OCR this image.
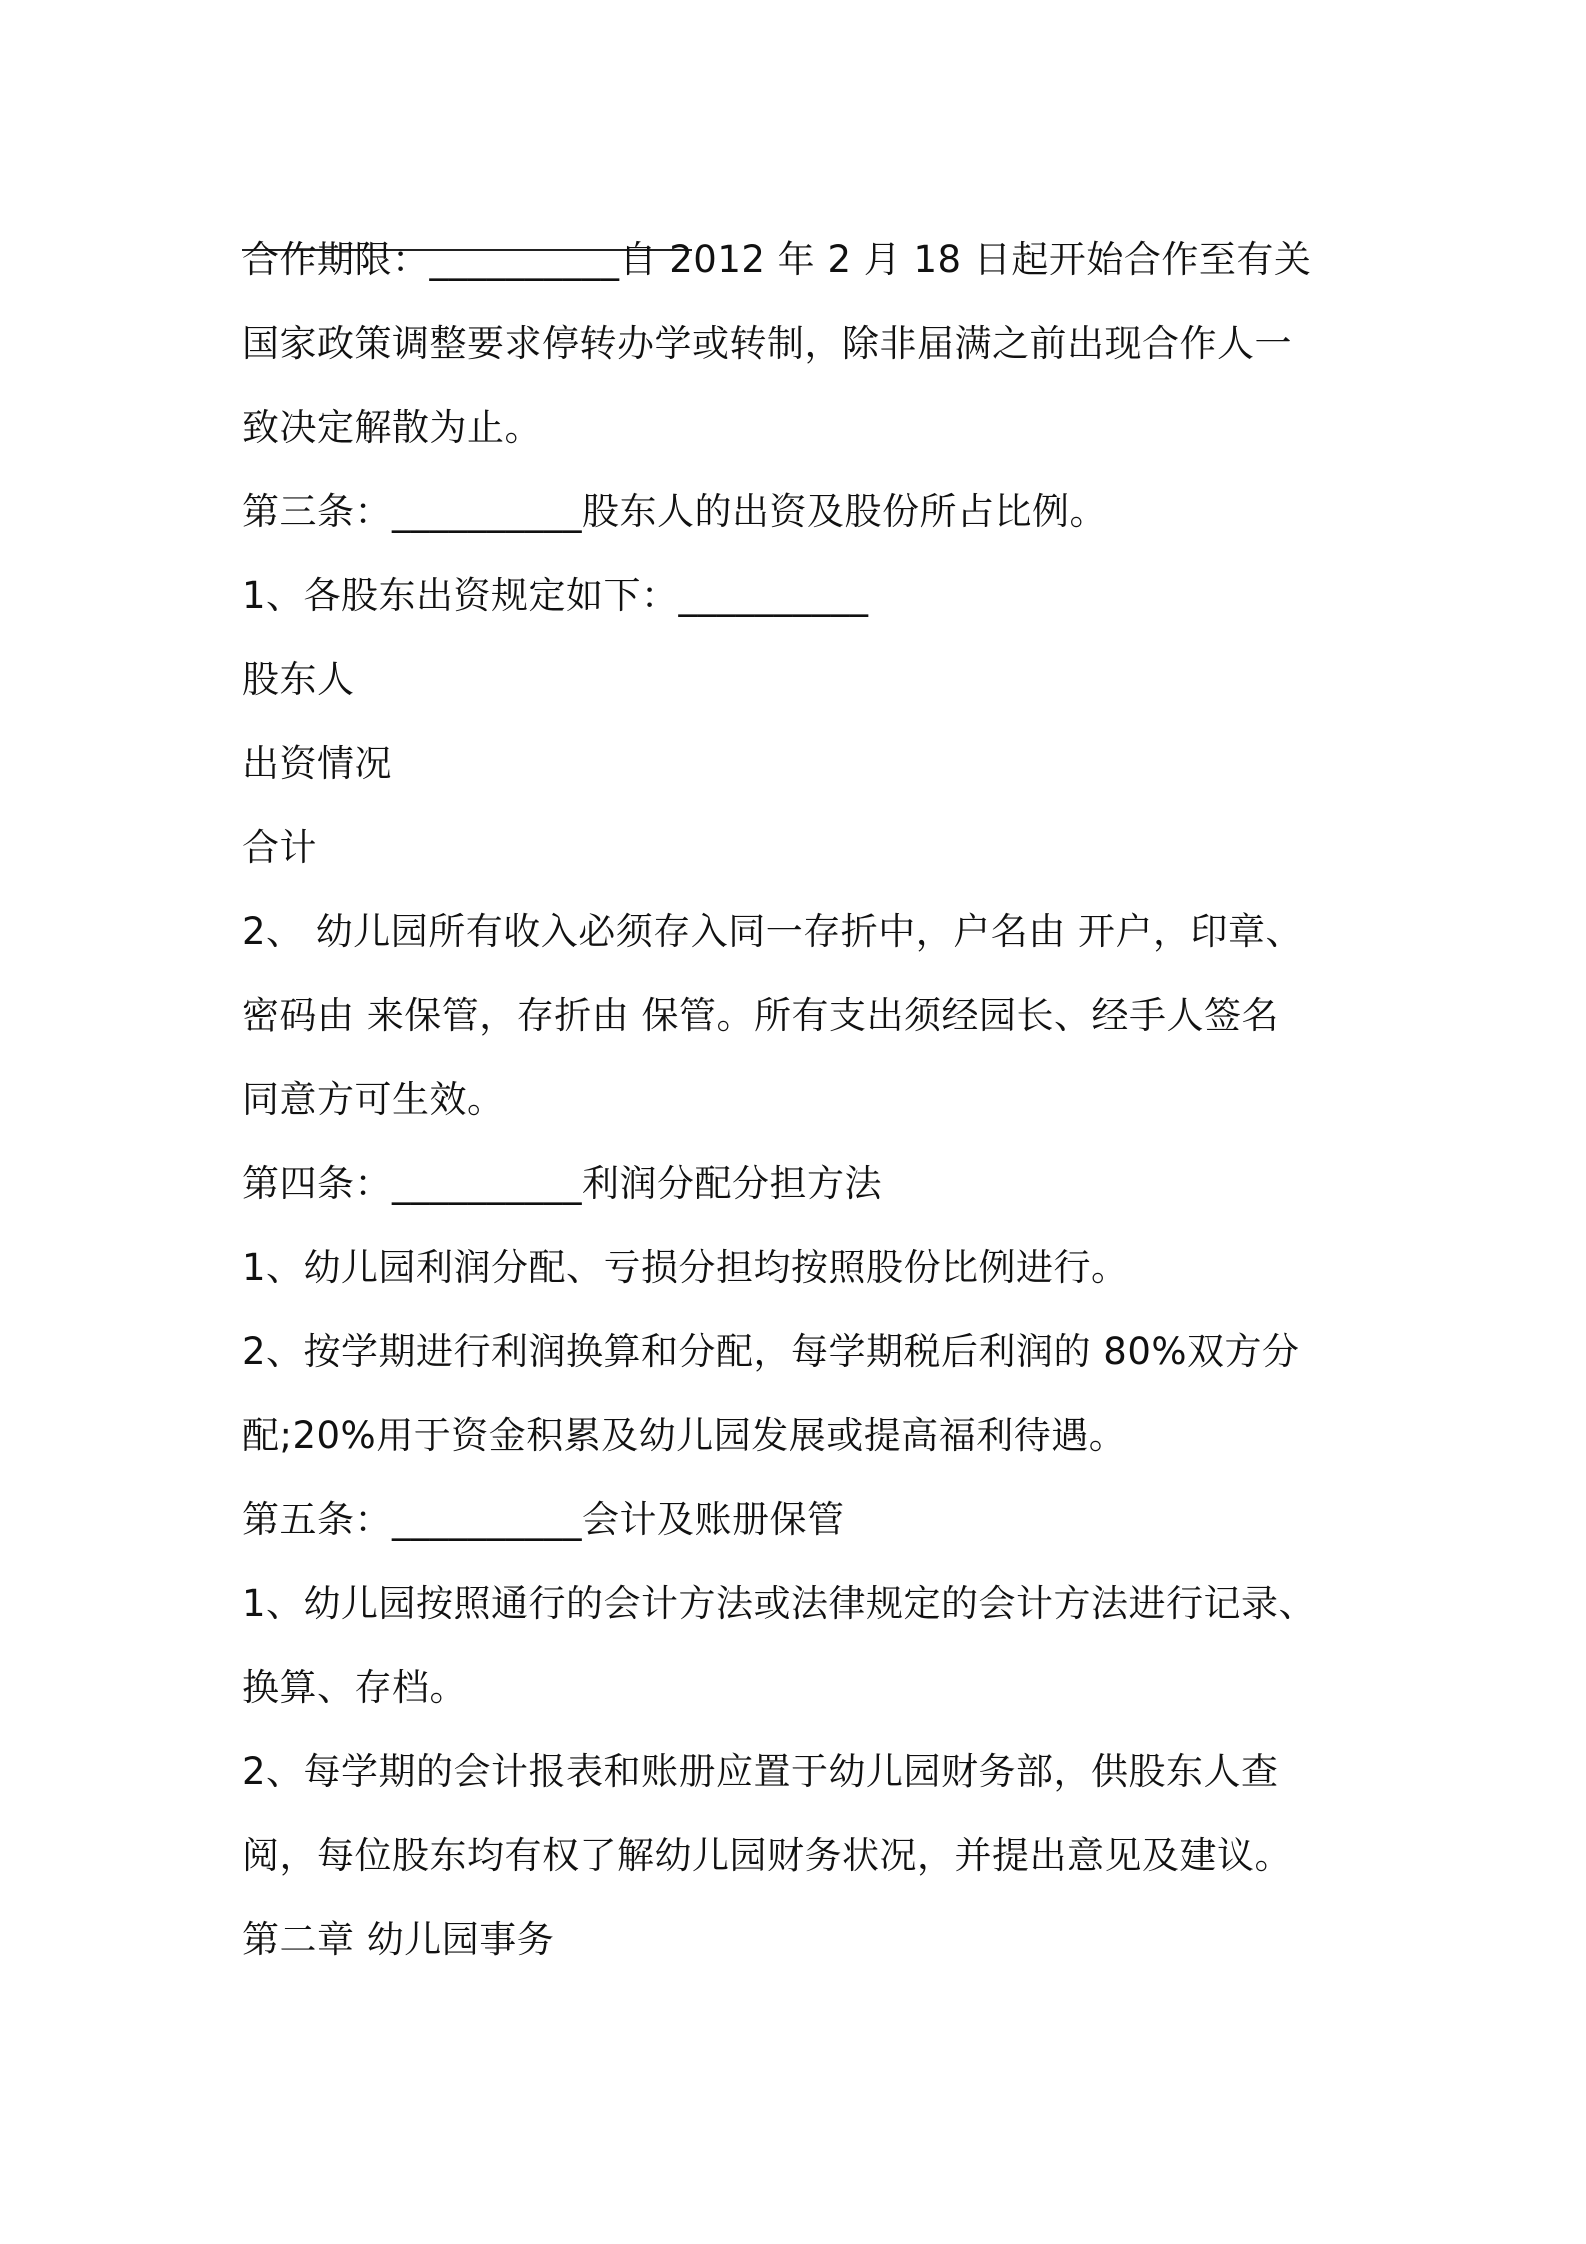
合作期限：__________自 2012 年 2 月 18 日起开始合作至有关
国家政策调整要求停转办学或转制，除非届满之前出现合作人一
致决定解散为止。
第三条：__________股东人的出资及股份所占比例。
1、各股东出资规定如下：__________
股东人
出资情况
合计
2、 幼儿园所有收入必须存入同一存折中，户名由 开户，印章、
密码由 来保管，存折由 保管。所有支出须经园长、经手人签名
同意方可生效。
第四条：__________利润分配分担方法
1、幼儿园利润分配、亏损分担均按照股份比例进行。
2、按学期进行利润换算和分配，每学期税后利润的 80%双方分
配;20%用于资金积累及幼儿园发展或提高福利待遇。
第五条：__________会计及账册保管
1、幼儿园按照通行的会计方法或法律规定的会计方法进行记录、
换算、存档。
2、每学期的会计报表和账册应置于幼儿园财务部，供股东人查
阅，每位股东均有权了解幼儿园财务状况，并提出意见及建议。
第二章 幼儿园事务
